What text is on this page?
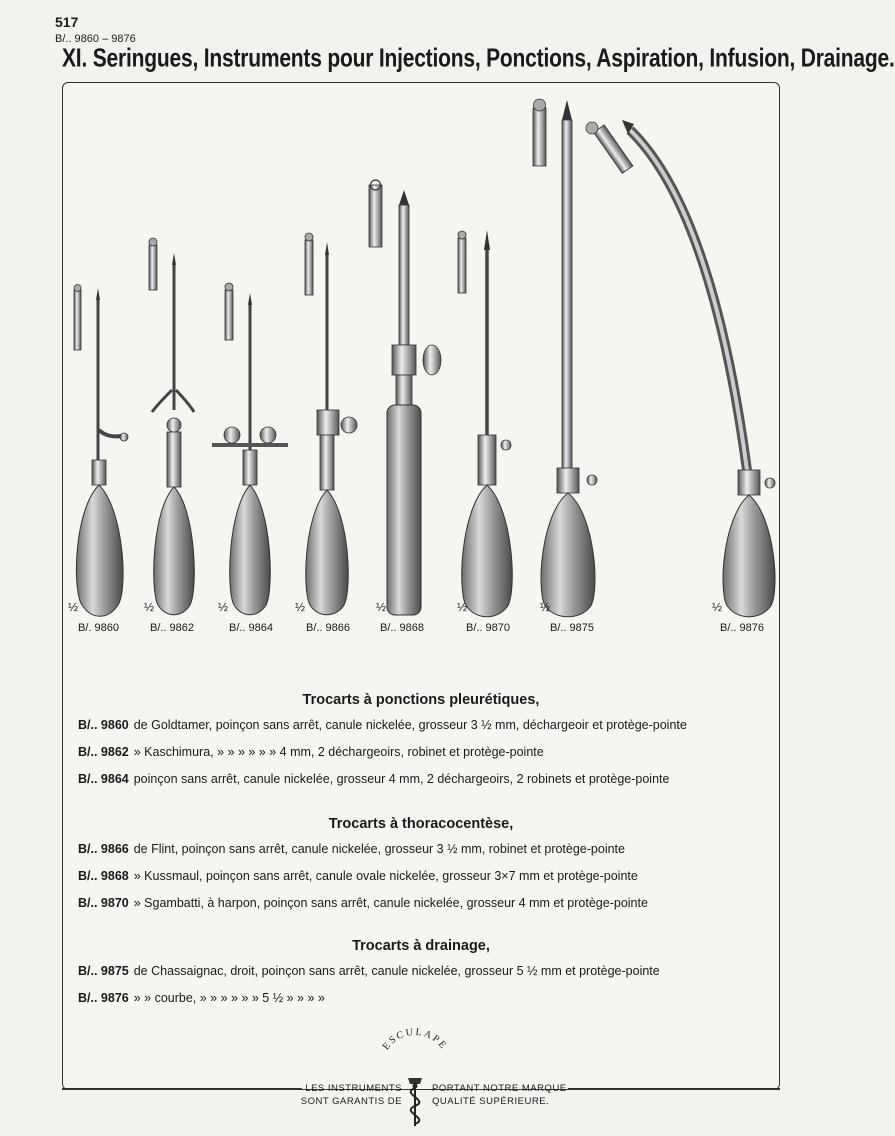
517
B/.. 9860 – 9876
XI. Seringues, Instruments pour Injections, Ponctions, Aspiration, Infusion, Drainage.
½
B/. 9860
½
B/.. 9862
½
B/.. 9864
½
B/.. 9866
½
B/.. 9868
½
B/.. 9870
½
B/.. 9875
½
B/.. 9876
Trocarts à ponctions pleurétiques,
B/.. 9860 de Goldtamer, poinçon sans arrêt, canule nickelée, grosseur 3 ½ mm, déchargeoir et protège-pointe
B/.. 9862 » Kaschimura, » » » » » » 4 mm, 2 déchargeoirs, robinet et protège-pointe
B/.. 9864 poinçon sans arrêt, canule nickelée, grosseur 4 mm, 2 déchargeoirs, 2 robinets et protège-pointe
Trocarts à thoracocentèse,
B/.. 9866 de Flint, poinçon sans arrêt, canule nickelée, grosseur 3 ½ mm, robinet et protège-pointe
B/.. 9868 » Kussmaul, poinçon sans arrêt, canule ovale nickelée, grosseur 3×7 mm et protège-pointe
B/.. 9870 » Sgambatti, à harpon, poinçon sans arrêt, canule nickelée, grosseur 4 mm et protège-pointe
Trocarts à drainage,
B/.. 9875 de Chassaignac, droit, poinçon sans arrêt, canule nickelée, grosseur 5 ½ mm et protège-pointe
B/.. 9876 » » courbe, » » » » » » 5 ½ » » » »
LES INSTRUMENTS
SONT GARANTIS DE
PORTANT NOTRE MARQUE
QUALITÉ SUPÉRIEURE.
ESCULAPE
